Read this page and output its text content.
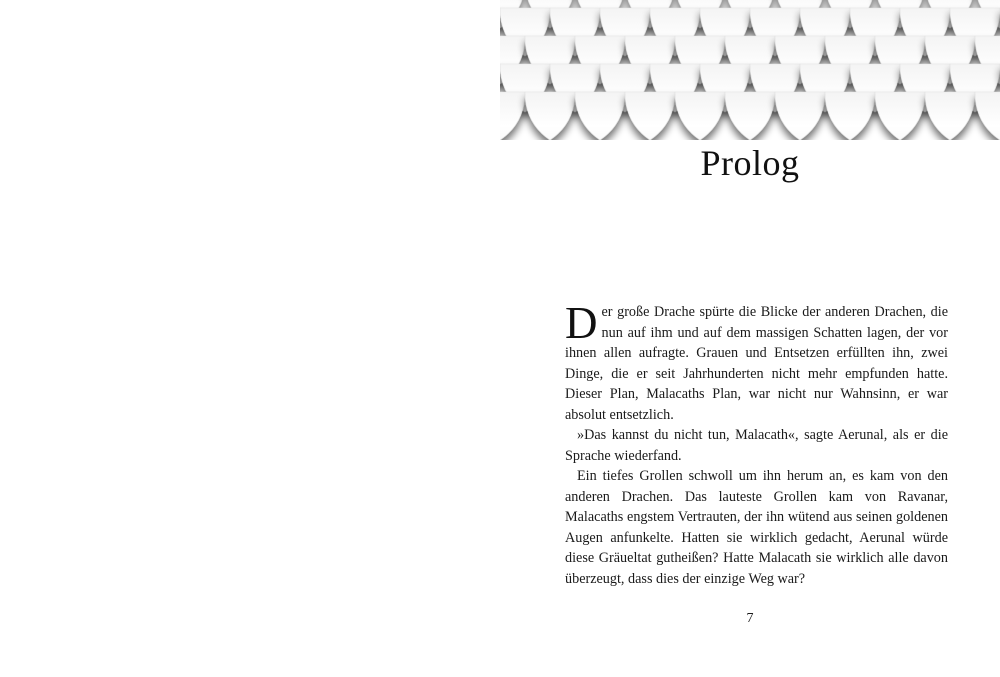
Prolog

Der große Drache spürte die Blicke der anderen Drachen, die nun auf ihm und auf dem massigen Schatten lagen, der vor ihnen allen aufragte. Grauen und Entsetzen erfüllten ihn, zwei Dinge, die er seit Jahrhunderten nicht mehr empfunden hatte. Dieser Plan, Malacaths Plan, war nicht nur Wahnsinn, er war absolut entsetzlich.

»Das kannst du nicht tun, Malacath«, sagte Aerunal, als er die Sprache wiederfand.

Ein tiefes Grollen schwoll um ihn herum an, es kam von den anderen Drachen. Das lauteste Grollen kam von Ravanar, Malacaths engstem Vertrauten, der ihn wütend aus seinen goldenen Augen anfunkelte. Hatten sie wirklich gedacht, Aerunal würde diese Gräueltat gutheißen? Hatte Malacath sie wirklich alle davon überzeugt, dass dies der einzige Weg war?

7
